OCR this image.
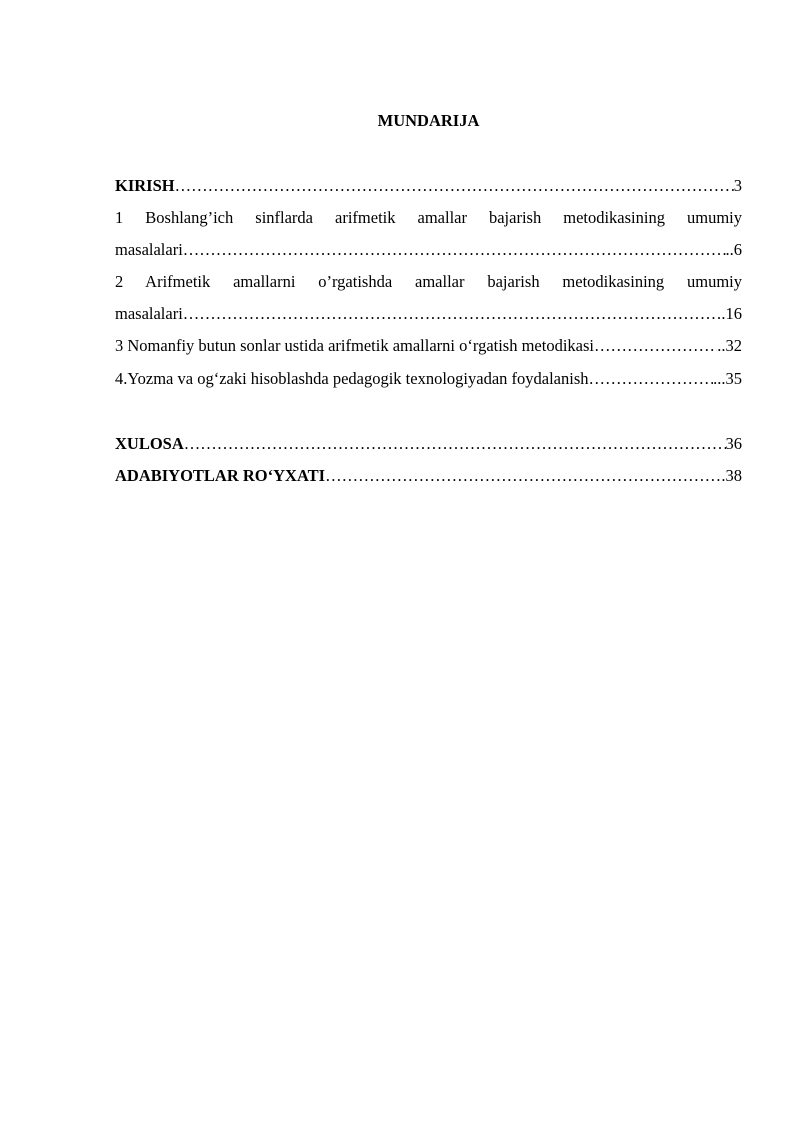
MUNDARIJA
KIRISH …………………………………………………………………………………………………………………………………………………………………………………………………………………………………………	3
1 Boshlang’ich sinflarda arifmetik amallar bajarish metodikasining umumiy
masalalari …………………………………………………………………………………………………………………………………………………………………………………………………………………………………………	..6
2 Arifmetik amallarni o’rgatishda amallar bajarish metodikasining umumiy
masalalari …………………………………………………………………………………………………………………………………………………………………………………………………………………………………………	.16
3 Nomanfiy butun sonlar ustida arifmetik amallarni o‘rgatish metodikasi …………………………………………………………………………………………………………………………………………………………………………………………………………………………………………	..32
4.Yozma va og‘zaki hisoblashda pedagogik texnologiyadan foydalanish …………………………………………………………………………………………………………………………………………………………………………………………………………………………………………	...35
XULOSA …………………………………………………………………………………………………………………………………………………………………………………………………………………………………………	36
ADABIYOTLAR RO‘YXATI …………………………………………………………………………………………………………………………………………………………………………………………………………………………………………	.38
